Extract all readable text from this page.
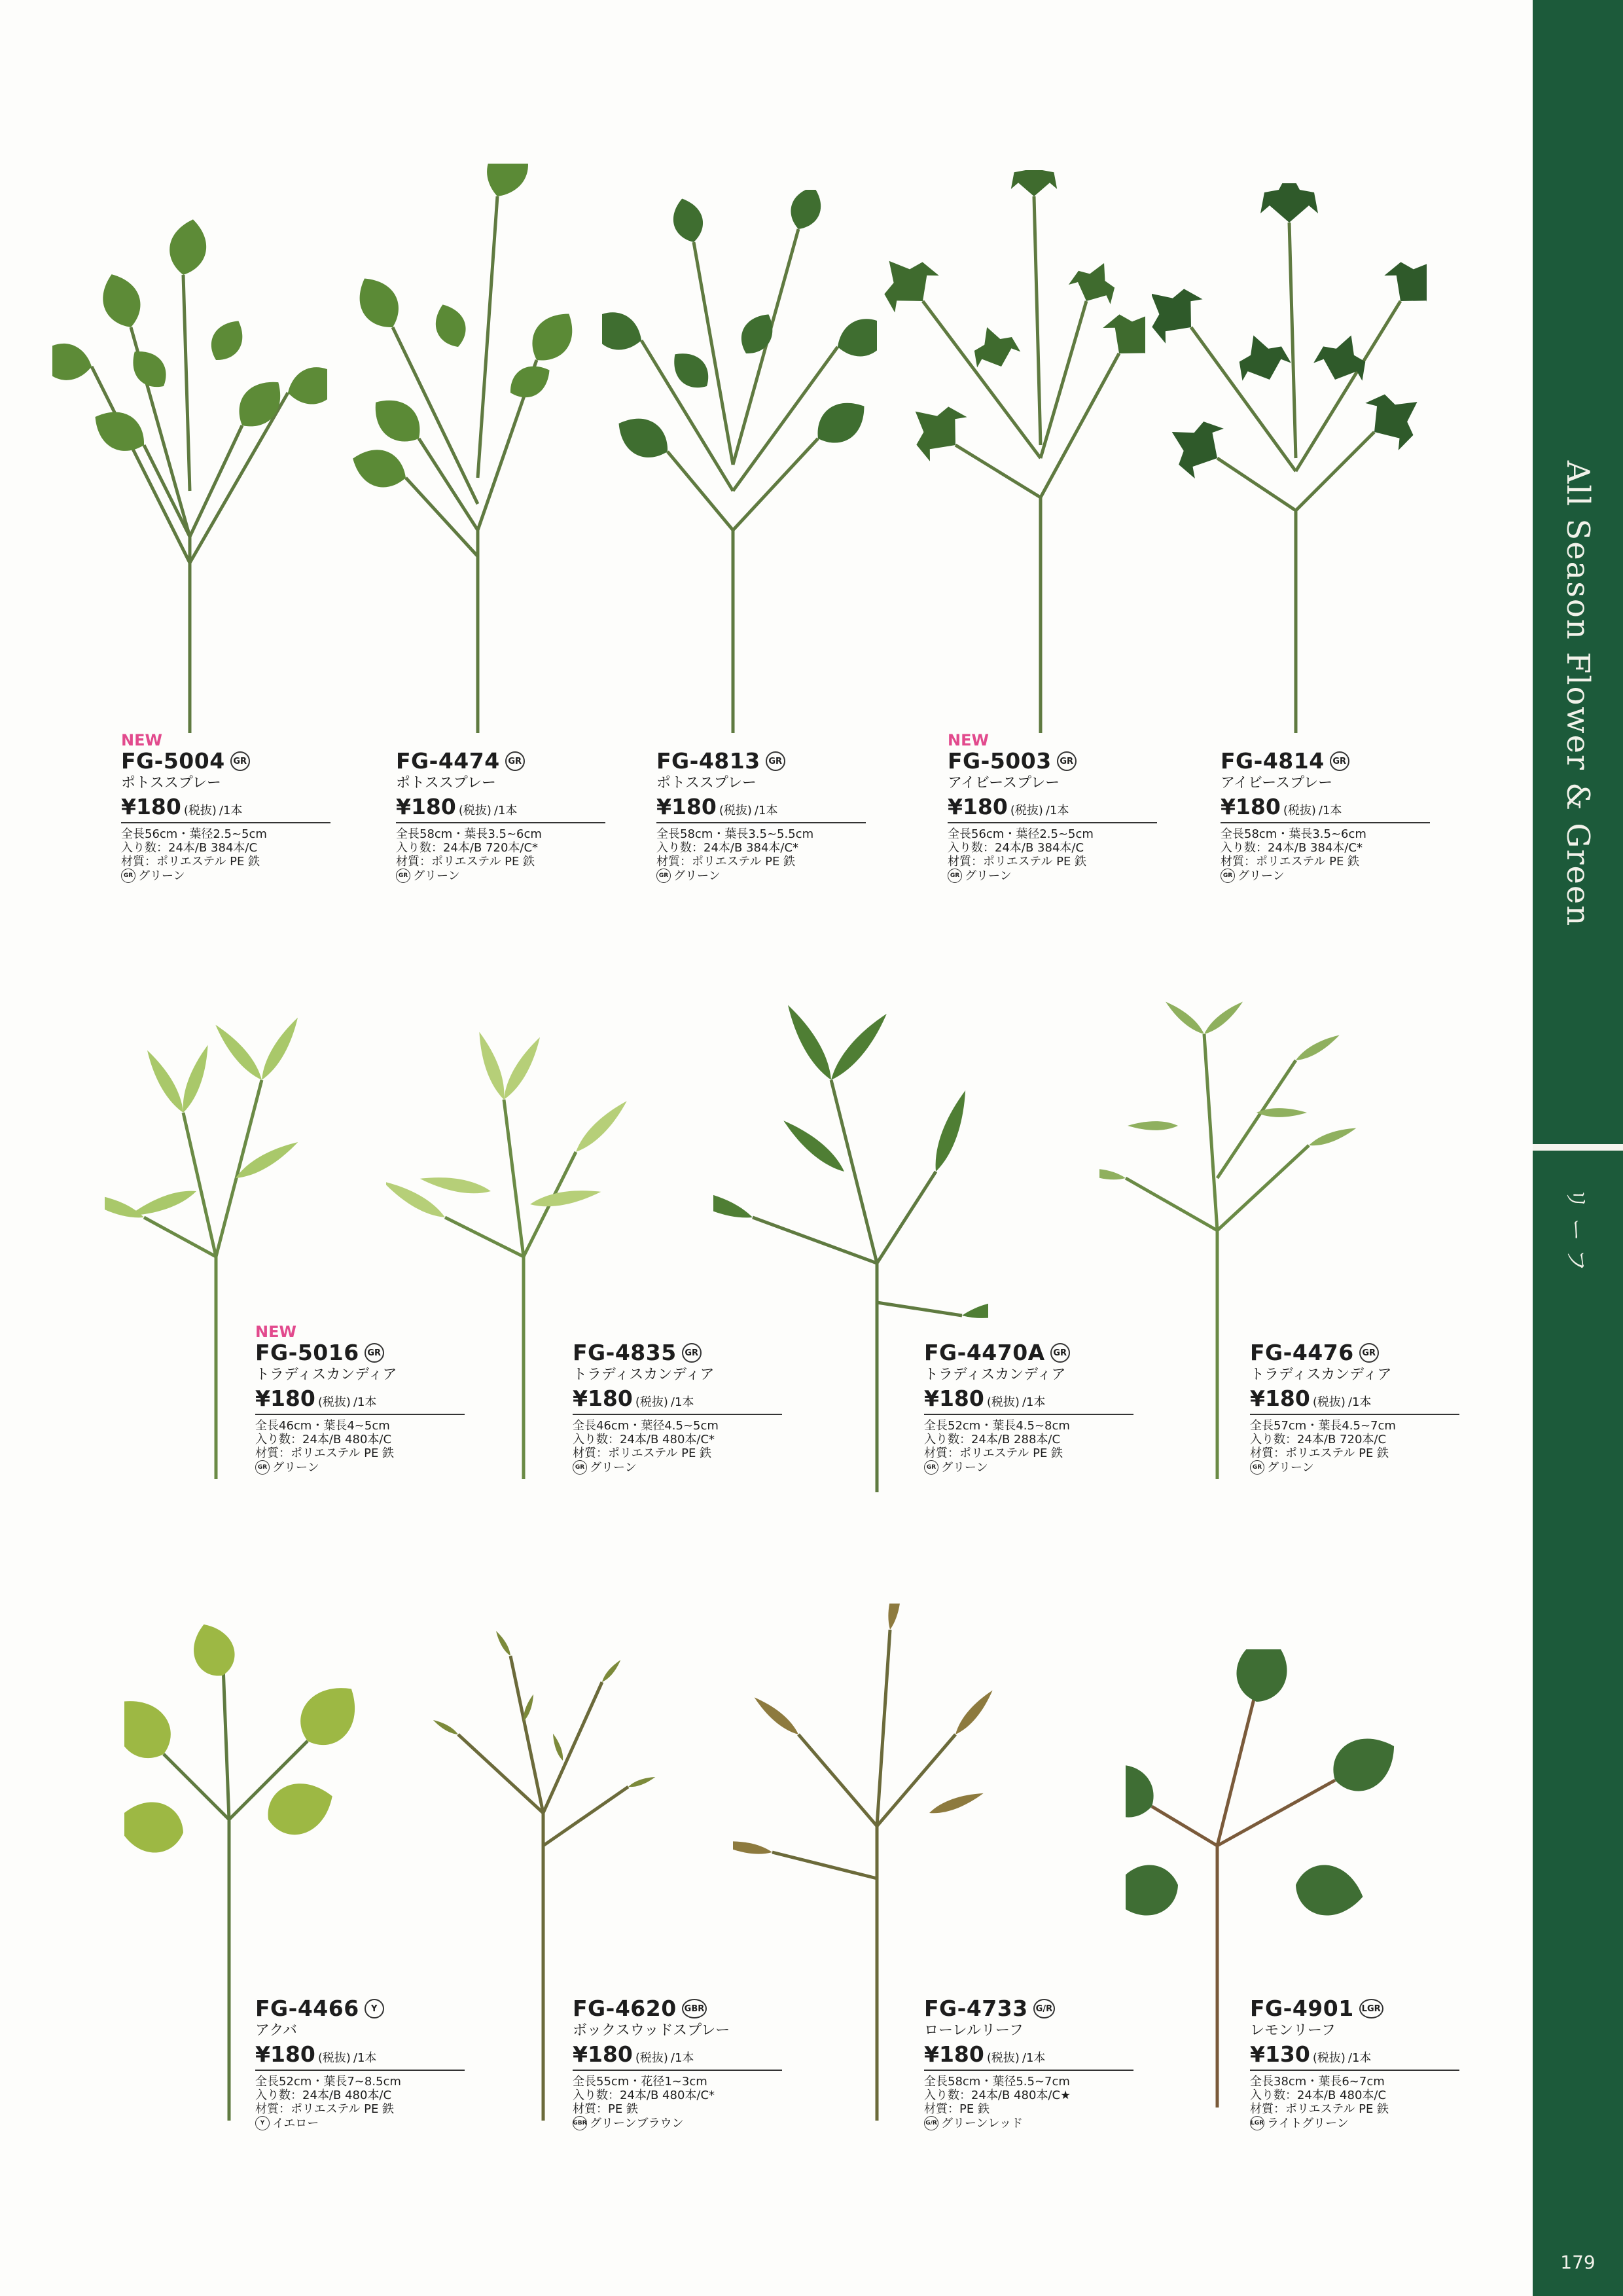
All Season Flower & Green
リーフ
179
NEW
FG-5004 GR
ポトススプレー
¥180 (税抜) /1本
全長56cm・葉径2.5~5cm
入り数：24本/B 384本/C
材質：ポリエステル PE 鉄
GR グリーン
FG-4474 GR
ポトススプレー
¥180 (税抜) /1本
全長58cm・葉長3.5~6cm
入り数：24本/B 720本/C*
材質：ポリエステル PE 鉄
GR グリーン
FG-4813 GR
ポトススプレー
¥180 (税抜) /1本
全長58cm・葉長3.5~5.5cm
入り数：24本/B 384本/C*
材質：ポリエステル PE 鉄
GR グリーン
NEW
FG-5003 GR
アイビースプレー
¥180 (税抜) /1本
全長56cm・葉径2.5~5cm
入り数：24本/B 384本/C
材質：ポリエステル PE 鉄
GR グリーン
FG-4814 GR
アイビースプレー
¥180 (税抜) /1本
全長58cm・葉長3.5~6cm
入り数：24本/B 384本/C*
材質：ポリエステル PE 鉄
GR グリーン
NEW
FG-5016 GR
トラディスカンディア
¥180 (税抜) /1本
全長46cm・葉長4~5cm
入り数：24本/B 480本/C
材質：ポリエステル PE 鉄
GR グリーン
FG-4835 GR
トラディスカンディア
¥180 (税抜) /1本
全長46cm・葉径4.5~5cm
入り数：24本/B 480本/C*
材質：ポリエステル PE 鉄
GR グリーン
FG-4470A GR
トラディスカンディア
¥180 (税抜) /1本
全長52cm・葉長4.5~8cm
入り数：24本/B 288本/C
材質：ポリエステル PE 鉄
GR グリーン
FG-4476 GR
トラディスカンディア
¥180 (税抜) /1本
全長57cm・葉長4.5~7cm
入り数：24本/B 720本/C
材質：ポリエステル PE 鉄
GR グリーン
FG-4466	Y
アクバ
¥180 (税抜) /1本
全長52cm・葉長7~8.5cm
入り数：24本/B 480本/C
材質：ポリエステル PE 鉄
Y イエロー
FG-4620 GBR
ボックスウッドスプレー
¥180 (税抜) /1本
全長55cm・花径1~3cm
入り数：24本/B 480本/C*
材質：PE 鉄
GBR グリーンブラウン
FG-4733 G/R
ローレルリーフ
¥180 (税抜) /1本
全長58cm・葉径5.5~7cm
入り数：24本/B 480本/C★
材質：PE 鉄
G/R グリーンレッド
FG-4901 LGR
レモンリーフ
¥130 (税抜) /1本
全長38cm・葉長6~7cm
入り数：24本/B 480本/C
材質：ポリエステル PE 鉄
LGR ライトグリーン
